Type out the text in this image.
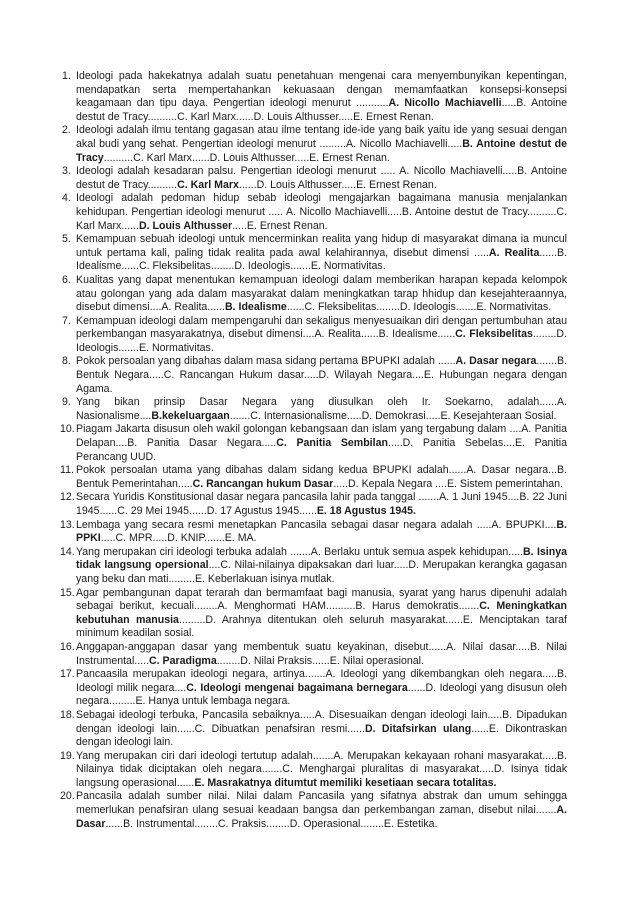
1. Ideologi pada hakekatnya adalah suatu penetahuan mengenai cara menyembunyikan kepentingan, mendapatkan serta mempertahankan kekuasaan dengan memamfaatkan konsepsi-konsepsi keagamaan dan tipu daya. Pengertian ideologi menurut ...........A. Nicollo Machiavelli.....B. Antoine destut de Tracy..........C. Karl Marx......D. Louis Althusser.....E. Ernest Renan.

2. Ideologi adalah ilmu tentang gagasan atau ilme tentang ide-ide yang baik yaitu ide yang sesuai dengan akal budi yang sehat. Pengertian ideologi menurut .........A. Nicollo Machiavelli.....B. Antoine destut de Tracy..........C. Karl Marx......D. Louis Althusser.....E. Ernest Renan.

3. Ideologi adalah kesadaran palsu. Pengertian ideologi menurut ..... A. Nicollo Machiavelli.....B. Antoine destut de Tracy..........C. Karl Marx......D. Louis Althusser.....E. Ernest Renan.

4. Ideologi adalah pedoman hidup sebab ideologi mengajarkan bagaimana manusia menjalankan kehidupan. Pengertian ideologi menurut ..... A. Nicollo Machiavelli.....B. Antoine destut de Tracy..........C. Karl Marx......D. Louis Althusser.....E. Ernest Renan.

5. Kemampuan sebuah ideologi untuk mencerminkan realita yang hidup di masyarakat dimana ia muncul untuk pertama kali, paling tidak realita pada awal kelahirannya, disebut dimensi .....A. Realita......B. Idealisme......C. Fleksibelitas........D. Ideologis.......E. Normativitas.

6. Kualitas yang dapat menentukan kemampuan ideologi dalam memberikan harapan kepada kelompok atau golongan yang ada dalam masyarakat dalam meningkatkan tarap hhidup dan kesejahteraannya, disebut dimensi....A. Realita......B. Idealisme......C. Fleksibelitas........D. Ideologis.......E. Normativitas.

7. Kemampuan ideologi dalam mempengaruhi dan sekaligus menyesuaikan diri dengan pertumbuhan atau perkembangan masyarakatnya, disebut dimensi....A. Realita......B. Idealisme......C. Fleksibelitas........D. Ideologis.......E. Normativitas.

8. Pokok persoalan yang dibahas dalam masa sidang pertama BPUPKI adalah ......A. Dasar negara.......B. Bentuk Negara.....C. Rancangan Hukum dasar.....D. Wilayah Negara....E. Hubungan negara dengan Agama.

9. Yang bikan prinsip Dasar Negara yang diusulkan oleh Ir. Soekarno, adalah......A. Nasionalisme....B.kekeluargaan.......C. Internasionalisme.....D. Demokrasi.....E. Kesejahteraan Sosial.

10. Piagam Jakarta disusun oleh wakil golongan kebangsaan dan islam yang tergabung dalam ....A. Panitia Delapan....B. Panitia Dasar Negara.....C. Panitia Sembilan.....D. Panitia Sebelas....E. Panitia Perancang UUD.

11. Pokok persoalan utama yang dibahas dalam sidang kedua BPUPKI adalah......A. Dasar negara...B. Bentuk Pemerintahan.....C. Rancangan hukum Dasar.....D. Kepala Negara ....E. Sistem pemerintahan.

12. Secara Yuridis Konstitusional dasar negara pancasila lahir pada tanggal .......A. 1 Juni 1945....B. 22 Juni 1945......C. 29 Mei 1945......D. 17 Agustus 1945......E. 18 Agustus 1945.

13. Lembaga yang secara resmi menetapkan Pancasila sebagai dasar negara adalah .....A. BPUPKI....B. PPKI.....C. MPR.....D. KNIP.......E. MA.

14. Yang merupakan ciri ideologi terbuka adalah .......A. Berlaku untuk semua aspek kehidupan.....B. Isinya tidak langsung opersional....C. Nilai-nilainya dipaksakan dari luar.....D. Merupakan kerangka gagasan yang beku dan mati.........E. Keberlakuan isinya mutlak.

15. Agar pembangunan dapat terarah dan bermamfaat bagi manusia, syarat yang harus dipenuhi adalah sebagai berikut, kecuali........A. Menghormati HAM..........B. Harus demokratis.......C. Meningkatkan kebutuhan manusia.........D. Arahnya ditentukan oleh seluruh masyarakat......E. Menciptakan taraf minimum keadilan sosial.

16. Anggapan-anggapan dasar yang membentuk suatu keyakinan, disebut......A. Nilai dasar.....B. Nilai Instrumental.....C. Paradigma........D. Nilai Praksis......E. Nilai operasional.

17. Pancaasila merupakan ideologi negara, artinya.......A. Ideologi yang dikembangkan oleh negara.....B. Ideologi milik negara....C. Ideologi mengenai bagaimana bernegara......D. Ideologi yang disusun oleh negara.........E. Hanya untuk lembaga negara.

18. Sebagai ideologi terbuka, Pancasila sebaiknya.....A. Disesuaikan dengan ideologi lain.....B. Dipadukan dengan ideologi lain......C. Dibuatkan penafsiran resmi......D. Ditafsirkan ulang......E. Dikontraskan dengan ideologi lain.

19. Yang merupakan ciri dari ideologi tertutup adalah.......A. Merupakan kekayaan rohani masyarakat.....B. Nilainya tidak diciptakan oleh negara.......C. Menghargai pluralitas di masyarakat.....D. Isinya tidak langsung operasional......E. Masrakatnya ditumtut memiliki kesetiaan secara totalitas.

20. Pancasila adalah sumber nilai. Nilai dalam Pancasila yang sifatnya abstrak dan umum sehingga memerlukan penafsiran ulang sesuai keadaan bangsa dan perkembangan zaman, disebut nilai.......A. Dasar......B. Instrumental........C. Praksis........D. Operasional........E. Estetika.
